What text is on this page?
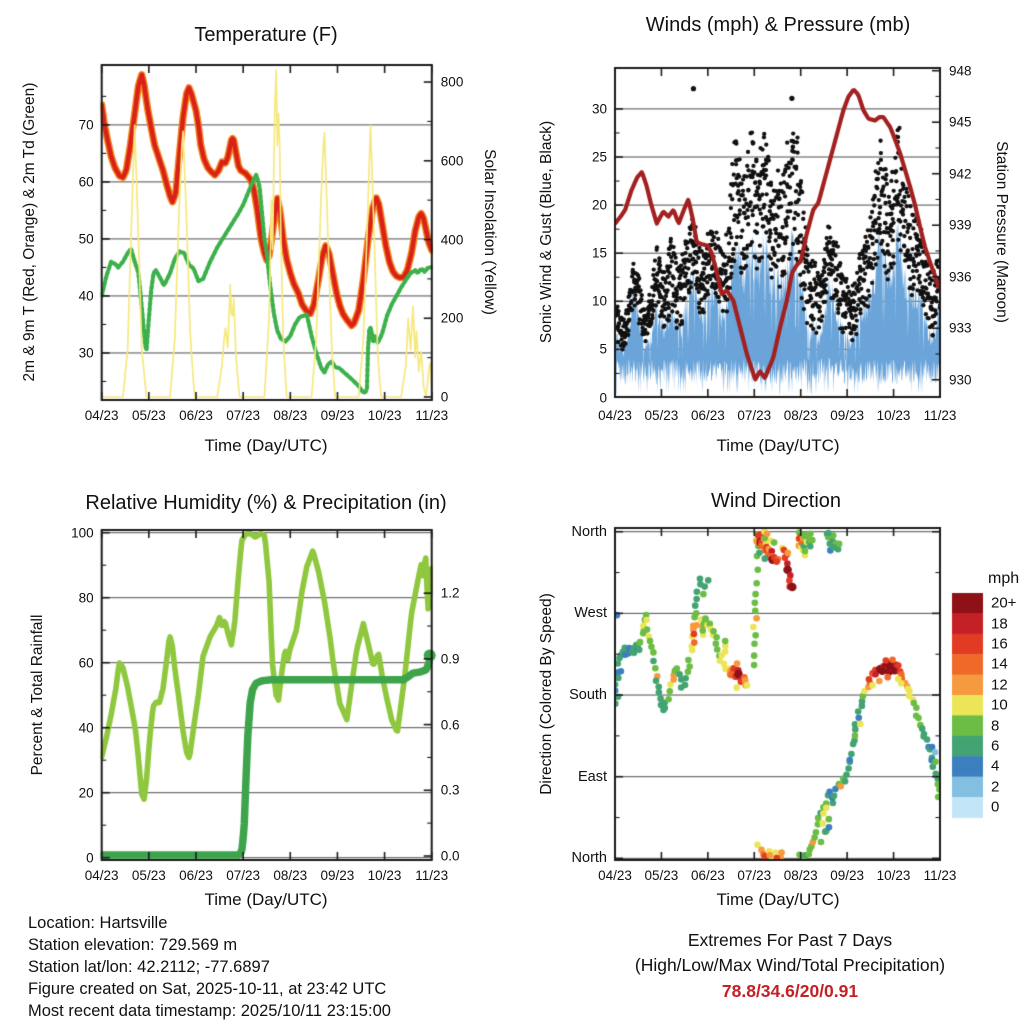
Temperature (F)	Winds (mph) & Pressure (mb)
Relative Humidity (%) & Precipitation (in)	Wind Direction
Time (Day/UTC)	Time (Day/UTC)
Time (Day/UTC)	Time (Day/UTC)
2m & 9m T (Red, Orange) & 2m Td (Green)	Solar Insolation (Yellow)	Sonic Wind & Gust (Blue, Black)	Station Pressure (Maroon)
Percent & Total Rainfall	Direction (Colored By Speed)
mph
04/23	04/23
04/23	04/23
05/23	05/23
05/23	05/23
06/23	06/23
06/23	06/23
07/23	07/23
07/23	07/23
08/23	08/23
08/23	08/23
09/23	09/23
09/23	09/23
10/23	10/23
10/23	10/23
11/23	11/23
11/23	11/23
30
40
50
60
70
0
200
400
600
800
0
5
10
15
20
25
30
930
933
936
939
942
945
948
0
20
40
60
80
100
0.0
0.3
0.6
0.9
1.2
North
West
South
East
North
20+
18
16
14
12
10
8
6
4
2
0
Location: Hartsville
Station elevation: 729.569 m
Station lat/lon: 42.2112; -77.6897
Figure created on Sat, 2025-10-11, at 23:42 UTC
Most recent data timestamp: 2025/10/11 23:15:00
Extremes For Past 7 Days
(High/Low/Max Wind/Total Precipitation)
78.8/34.6/20/0.91
